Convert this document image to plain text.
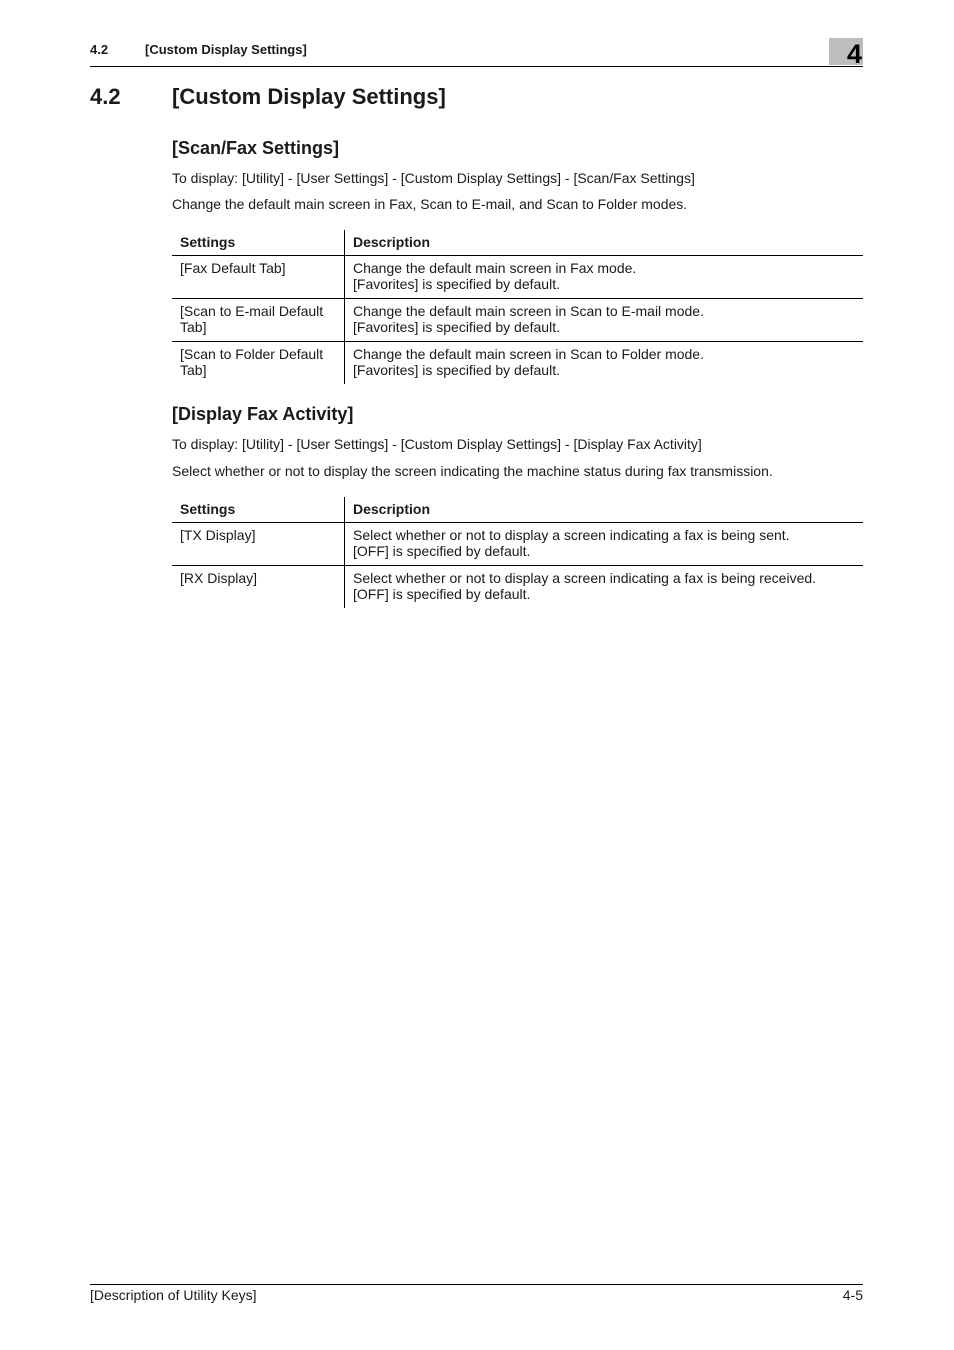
4.2	[Custom Display Settings]	4
4.2 [Custom Display Settings]
[Scan/Fax Settings]
To display: [Utility] - [User Settings] - [Custom Display Settings] - [Scan/Fax Settings]
Change the default main screen in Fax, Scan to E-mail, and Scan to Folder modes.
Settings	Description

[Fax Default Tab]	Change the default main screen in Fax mode.
[Favorites] is specified by default.

[Scan to E-mail Default
Tab]	Change the default main screen in Scan to E-mail mode.
[Favorites] is specified by default.

[Scan to Folder Default
Tab]	Change the default main screen in Scan to Folder mode.
[Favorites] is specified by default.
[Display Fax Activity]
To display: [Utility] - [User Settings] - [Custom Display Settings] - [Display Fax Activity]
Select whether or not to display the screen indicating the machine status during fax transmission.
Settings	Description

[TX Display]	Select whether or not to display a screen indicating a fax is being sent.
[OFF] is specified by default.

[RX Display]	Select whether or not to display a screen indicating a fax is being received.
[OFF] is specified by default.
[Description of Utility Keys]	4-5
